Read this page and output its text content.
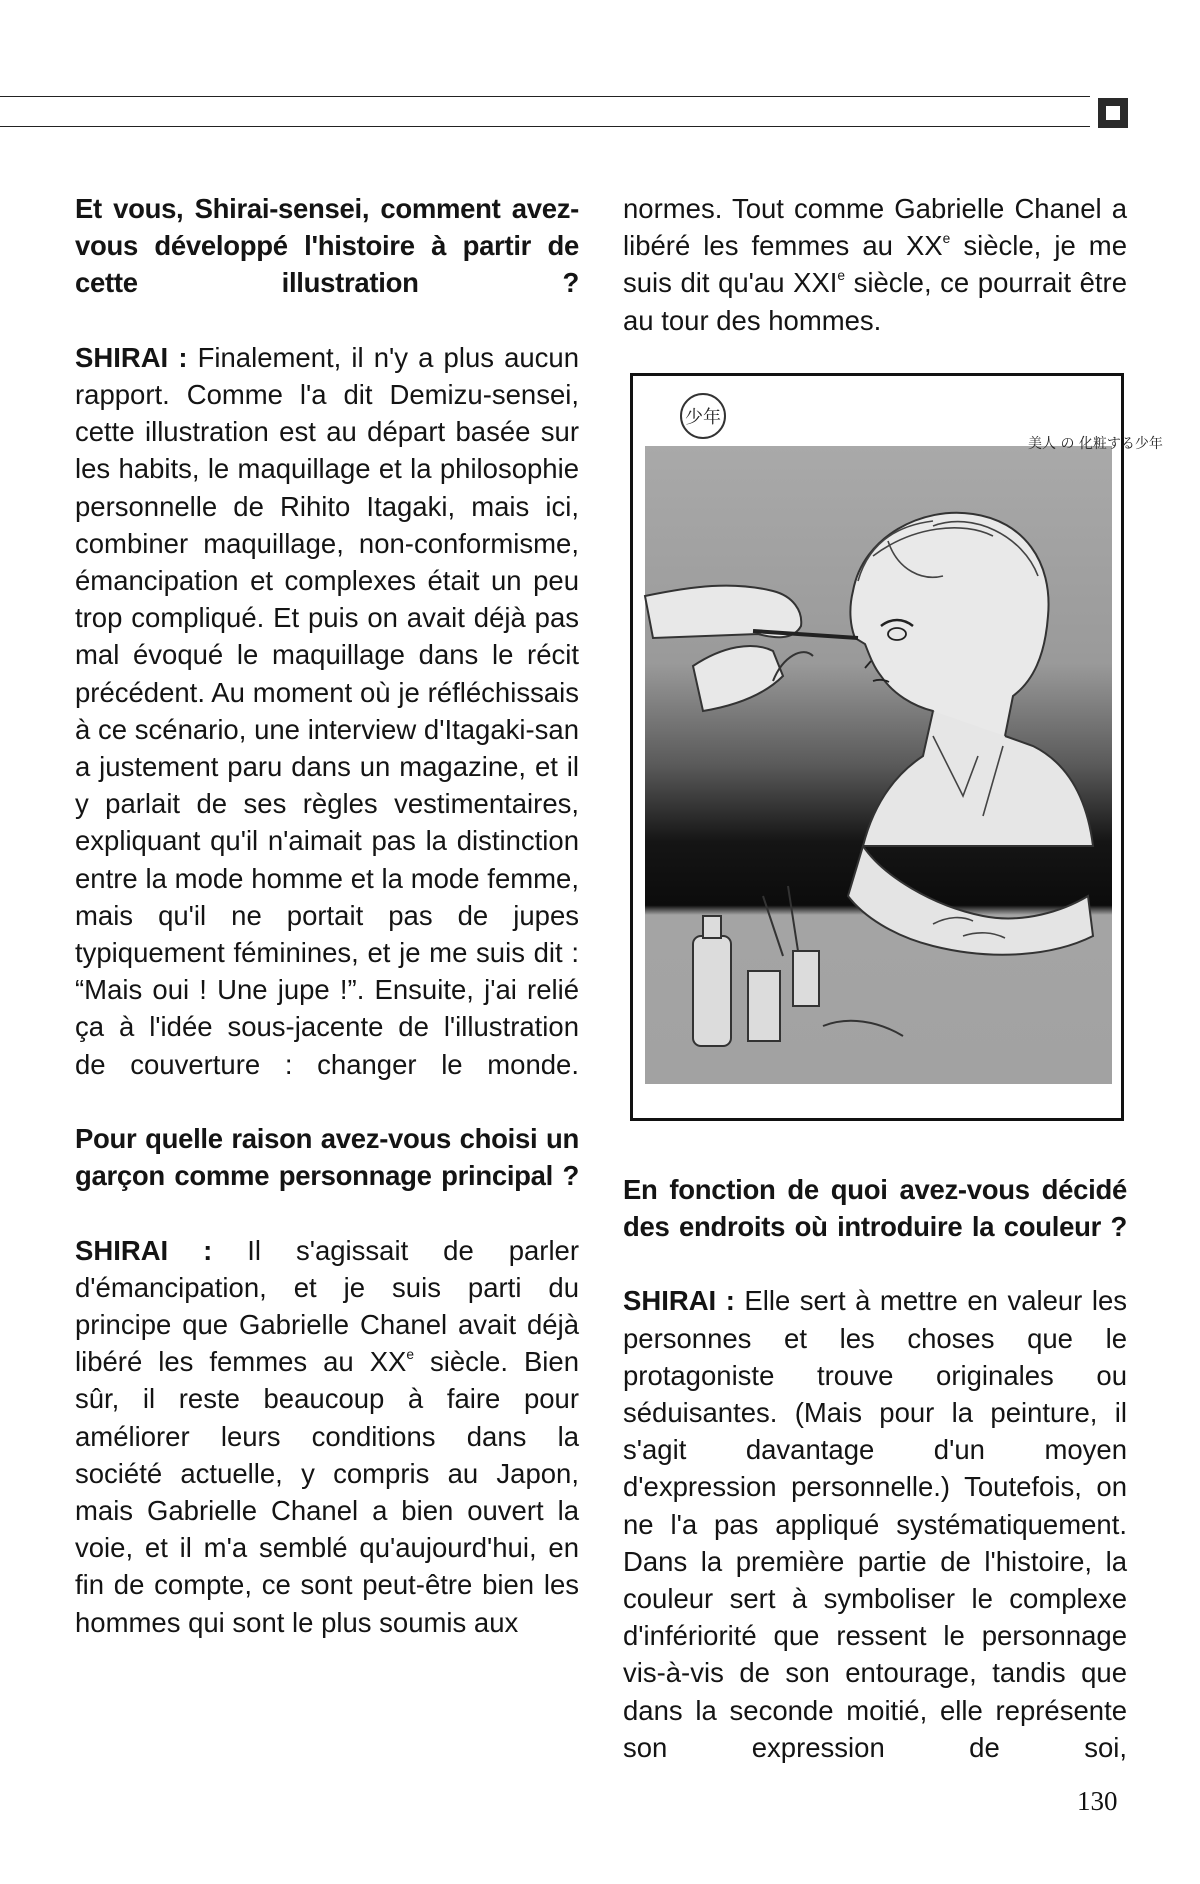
Et vous, Shirai-sensei, comment avez-vous développé l'histoire à partir de cette illustration ?

SHIRAI : Finalement, il n'y a plus aucun rapport. Comme l'a dit Demizu-sensei, cette illustration est au départ basée sur les habits, le maquillage et la philosophie personnelle de Rihito Itagaki, mais ici, combiner maquillage, non-conformisme, émancipation et complexes était un peu trop compliqué. Et puis on avait déjà pas mal évoqué le maquillage dans le récit précédent. Au moment où je réfléchissais à ce scénario, une interview d'Itagaki-san a justement paru dans un magazine, et il y parlait de ses règles vestimentaires, expliquant qu'il n'aimait pas la distinction entre la mode homme et la mode femme, mais qu'il ne portait pas de jupes typiquement féminines, et je me suis dit : “Mais oui ! Une jupe !”. Ensuite, j'ai relié ça à l'idée sous-jacente de l'illustration de couverture : changer le monde.

Pour quelle raison avez-vous choisi un garçon comme personnage principal ?

SHIRAI : Il s'agissait de parler d'émancipation, et je suis parti du principe que Gabrielle Chanel avait déjà libéré les femmes au XXe siècle. Bien sûr, il reste beaucoup à faire pour améliorer leurs conditions dans la société actuelle, y compris au Japon, mais Gabrielle Chanel a bien ouvert la voie, et il m'a semblé qu'aujourd'hui, en fin de compte, ce sont peut-être bien les hommes qui sont le plus soumis aux

normes. Tout comme Gabrielle Chanel a libéré les femmes au XXe siècle, je me suis dit qu'au XXIe siècle, ce pourrait être au tour des hommes.

少年
美人 の 化粧する少年

En fonction de quoi avez-vous décidé des endroits où introduire la couleur ?

SHIRAI : Elle sert à mettre en valeur les personnes et les choses que le protagoniste trouve originales ou séduisantes. (Mais pour la peinture, il s'agit davantage d'un moyen d'expression personnelle.) Toutefois, on ne l'a pas appliqué systématiquement. Dans la première partie de l'histoire, la couleur sert à symboliser le complexe d'infériorité que ressent le personnage vis-à-vis de son entourage, tandis que dans la seconde moitié, elle représente son expression de soi,

130
